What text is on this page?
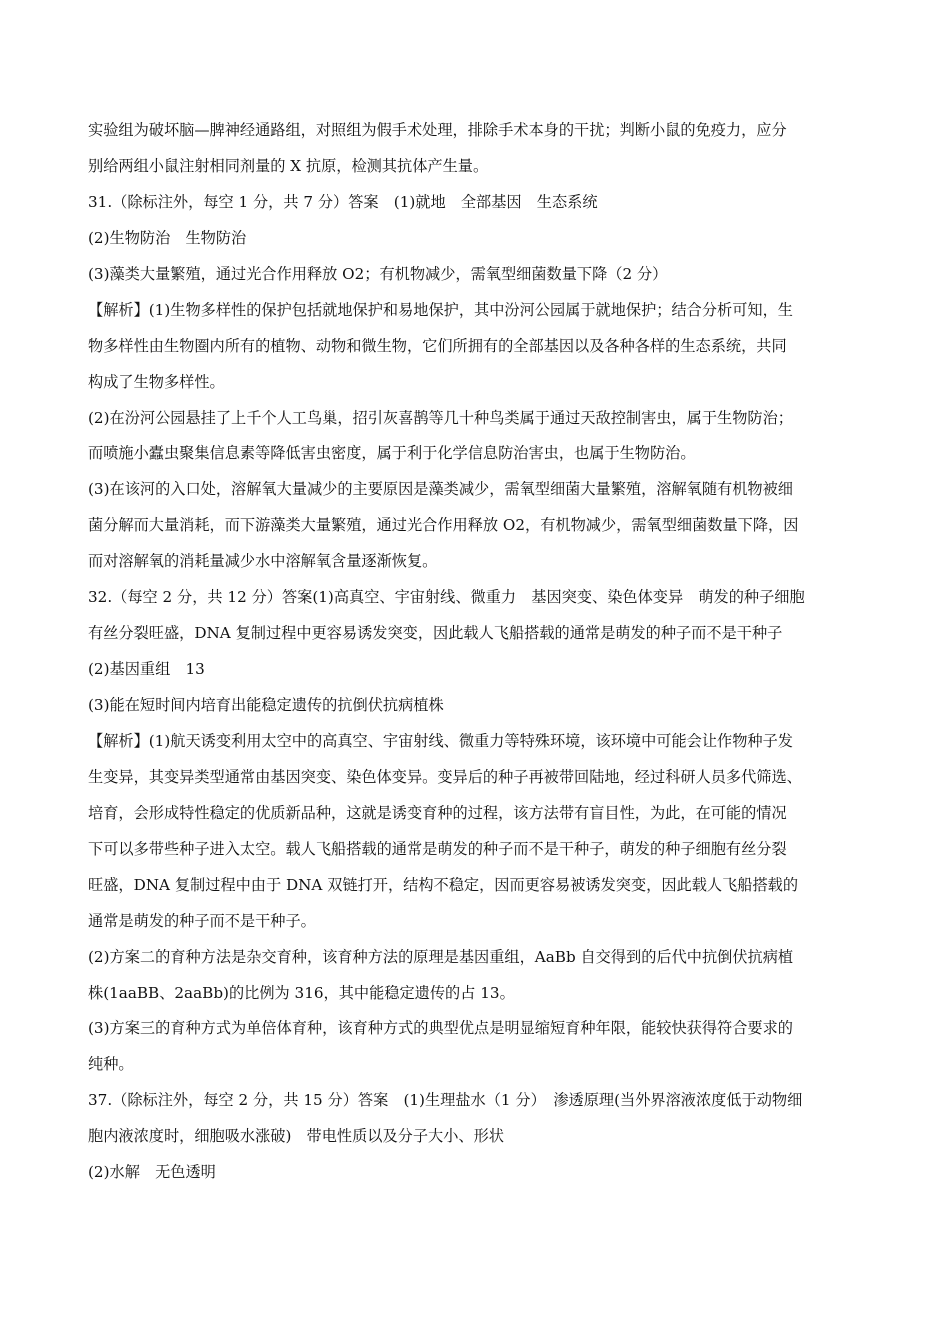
实验组为破坏脑—脾神经通路组，对照组为假手术处理，排除手术本身的干扰；判断小鼠的免疫力，应分
别给两组小鼠注射相同剂量的 X 抗原，检测其抗体产生量。
31.（除标注外，每空 1 分，共 7 分）答案　(1)就地　全部基因　生态系统
(2)生物防治　生物防治
(3)藻类大量繁殖，通过光合作用释放 O2；有机物减少，需氧型细菌数量下降（2 分）
【解析】(1)生物多样性的保护包括就地保护和易地保护，其中汾河公园属于就地保护；结合分析可知，生
物多样性由生物圈内所有的植物、动物和微生物，它们所拥有的全部基因以及各种各样的生态系统，共同
构成了生物多样性。
(2)在汾河公园悬挂了上千个人工鸟巢，招引灰喜鹊等几十种鸟类属于通过天敌控制害虫，属于生物防治；
而喷施小蠹虫聚集信息素等降低害虫密度，属于利于化学信息防治害虫，也属于生物防治。
(3)在该河的入口处，溶解氧大量减少的主要原因是藻类减少，需氧型细菌大量繁殖，溶解氧随有机物被细
菌分解而大量消耗，而下游藻类大量繁殖，通过光合作用释放 O2，有机物减少，需氧型细菌数量下降，因
而对溶解氧的消耗量减少水中溶解氧含量逐渐恢复。
32.（每空 2 分，共 12 分）答案(1)高真空、宇宙射线、微重力　基因突变、染色体变异　萌发的种子细胞
有丝分裂旺盛，DNA 复制过程中更容易诱发突变，因此载人飞船搭载的通常是萌发的种子而不是干种子
(2)基因重组　13
(3)能在短时间内培育出能稳定遗传的抗倒伏抗病植株
【解析】(1)航天诱变利用太空中的高真空、宇宙射线、微重力等特殊环境，该环境中可能会让作物种子发
生变异，其变异类型通常由基因突变、染色体变异。变异后的种子再被带回陆地，经过科研人员多代筛选、
培育，会形成特性稳定的优质新品种，这就是诱变育种的过程，该方法带有盲目性，为此，在可能的情况
下可以多带些种子进入太空。载人飞船搭载的通常是萌发的种子而不是干种子，萌发的种子细胞有丝分裂
旺盛，DNA 复制过程中由于 DNA 双链打开，结构不稳定，因而更容易被诱发突变，因此载人飞船搭载的
通常是萌发的种子而不是干种子。
(2)方案二的育种方法是杂交育种，该育种方法的原理是基因重组，AaBb 自交得到的后代中抗倒伏抗病植
株(1aaBB、2aaBb)的比例为 316，其中能稳定遗传的占 13。
(3)方案三的育种方式为单倍体育种，该育种方式的典型优点是明显缩短育种年限，能较快获得符合要求的
纯种。
37.（除标注外，每空 2 分，共 15 分）答案　(1)生理盐水（1 分）　渗透原理(当外界溶液浓度低于动物细
胞内液浓度时，细胞吸水涨破)　带电性质以及分子大小、形状
(2)水解　无色透明
